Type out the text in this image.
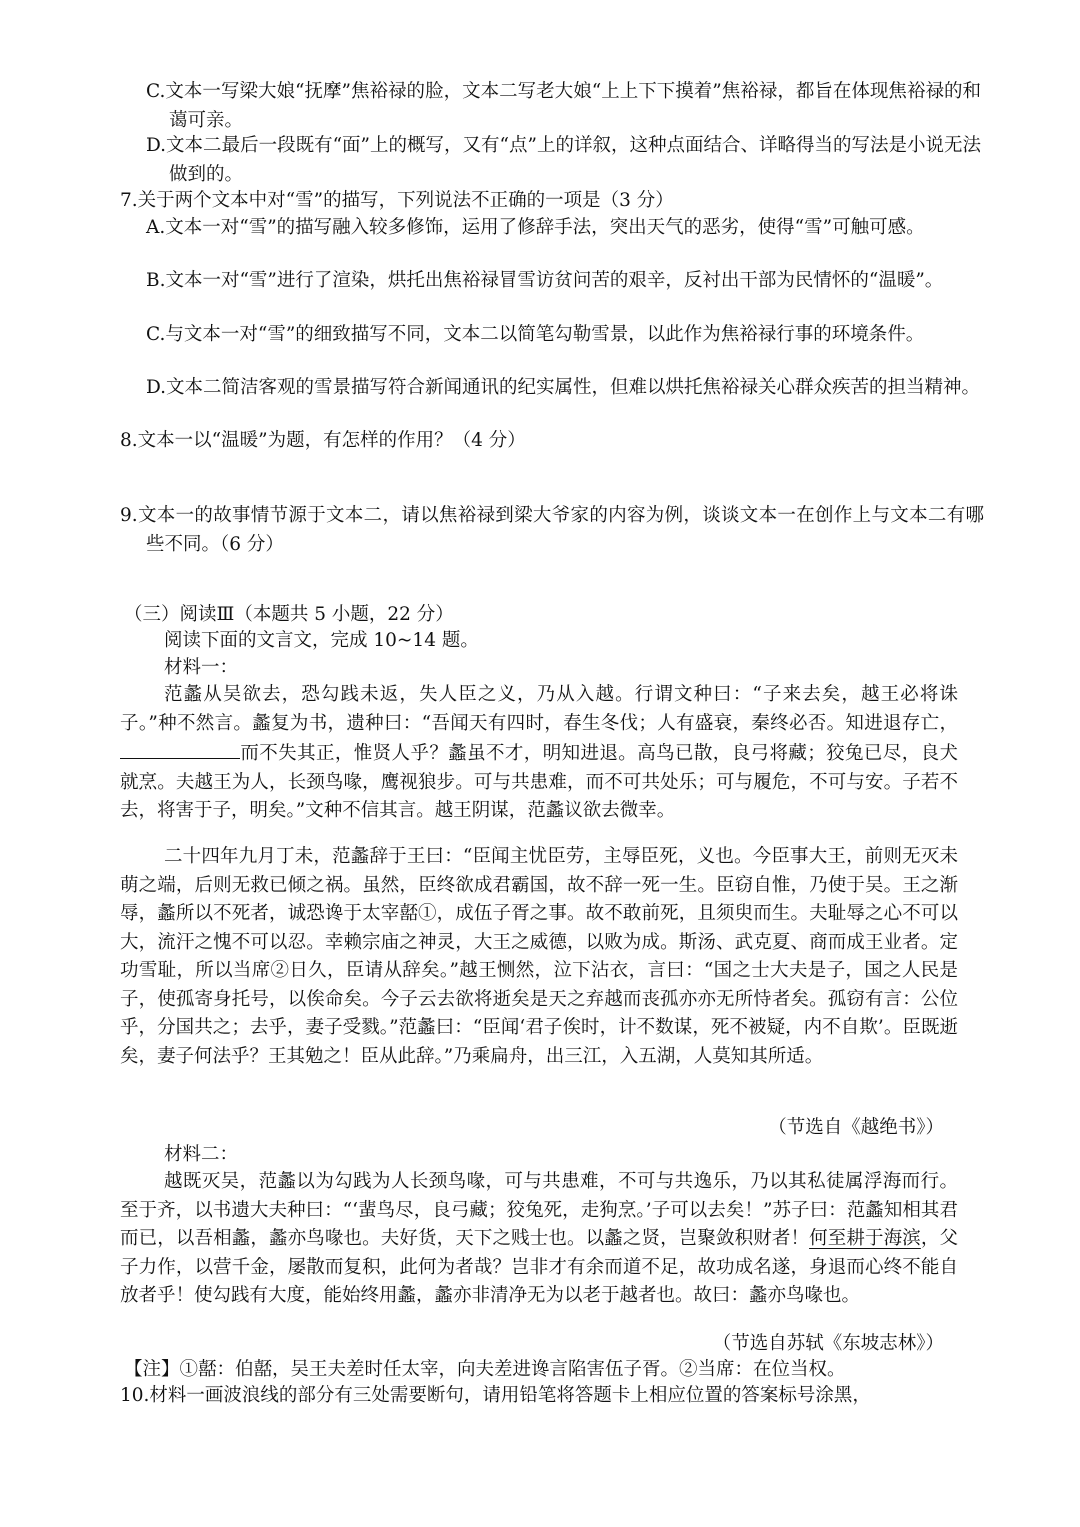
C.文本一写梁大娘“抚摩”焦裕禄的脸，文本二写老大娘“上上下下摸着”焦裕禄，都旨在体现焦裕禄的和蔼可亲。

D.文本二最后一段既有“面”上的概写，又有“点”上的详叙，这种点面结合、详略得当的写法是小说无法做到的。

7.关于两个文本中对“雪”的描写，下列说法不正确的一项是（3 分）

A.文本一对“雪”的描写融入较多修饰，运用了修辞手法，突出天气的恶劣，使得“雪”可触可感。

B.文本一对“雪”进行了渲染，烘托出焦裕禄冒雪访贫问苦的艰辛，反衬出干部为民情怀的“温暖”。

C.与文本一对“雪”的细致描写不同，文本二以简笔勾勒雪景，以此作为焦裕禄行事的环境条件。

D.文本二简洁客观的雪景描写符合新闻通讯的纪实属性，但难以烘托焦裕禄关心群众疾苦的担当精神。

8.文本一以“温暖”为题，有怎样的作用？（4 分）

9.文本一的故事情节源于文本二，请以焦裕禄到梁大爷家的内容为例，谈谈文本一在创作上与文本二有哪些不同。（6 分）

（三）阅读Ⅲ（本题共 5 小题，22 分）

阅读下面的文言文，完成 10~14 题。

材料一：

范蠡从吴欲去，恐勾践未返，失人臣之义，乃从入越。行谓文种曰：“子来去矣，越王必将诛子。”种不然言。蠡复为书，遗种曰：“吾闻天有四时，春生冬伐；人有盛衰，秦终必否。知进退存亡，而不失其正，惟贤人乎？蠡虽不才，明知进退。高鸟已散，良弓将藏；狡兔已尽，良犬就烹。夫越王为人，长颈鸟喙，鹰视狼步。可与共患难，而不可共处乐；可与履危，不可与安。子若不去，将害于子，明矣。”文种不信其言。越王阴谋，范蠡议欲去微幸。

二十四年九月丁未，范蠡辞于王曰：“臣闻主忧臣劳，主辱臣死，义也。今臣事大王，前则无灭未萌之端，后则无救已倾之祸。虽然，臣终欲成君霸国，故不辞一死一生。臣窃自惟，乃使于吴。王之渐辱，蠡所以不死者，诚恐谗于太宰嚭①，成伍子胥之事。故不敢前死，且须臾而生。夫耻辱之心不可以大，流汗之愧不可以忍。幸赖宗庙之神灵，大王之威德，以败为成。斯汤、武克夏、商而成王业者。定功雪耻，所以当席②日久，臣请从辞矣。”越王恻然，泣下沾衣，言曰：“国之士大夫是子，国之人民是子，使孤寄身托号，以俟命矣。今子云去欲将逝矣是天之弃越而丧孤亦亦无所恃者矣。孤窃有言：公位乎，分国共之；去乎，妻子受戮。”范蠡曰：“臣闻‘君子俟时，计不数谋，死不被疑，内不自欺’。臣既逝矣，妻子何法乎？王其勉之！臣从此辞。”乃乘扁舟，出三江，入五湖，人莫知其所适。

（节选自《越绝书》）

材料二：

越既灭吴，范蠡以为勾践为人长颈鸟喙，可与共患难，不可与共逸乐，乃以其私徒属浮海而行。至于齐，以书遗大夫种曰：“‘蜚鸟尽，良弓藏；狡兔死，走狗烹。’子可以去矣！”苏子曰：范蠡知相其君而已，以吾相蠡，蠡亦鸟喙也。夫好货，天下之贱士也。以蠡之贤，岂聚敛积财者！何至耕于海滨，父子力作，以营千金，屡散而复积，此何为者哉？岂非才有余而道不足，故功成名遂，身退而心终不能自放者乎！使勾践有大度，能始终用蠡，蠡亦非清净无为以老于越者也。故曰：蠡亦鸟喙也。

（节选自苏轼《东坡志林》）

【注】①嚭：伯嚭，吴王夫差时任太宰，向夫差进谗言陷害伍子胥。②当席：在位当权。

10.材料一画波浪线的部分有三处需要断句，请用铅笔将答题卡上相应位置的答案标号涂黑，
